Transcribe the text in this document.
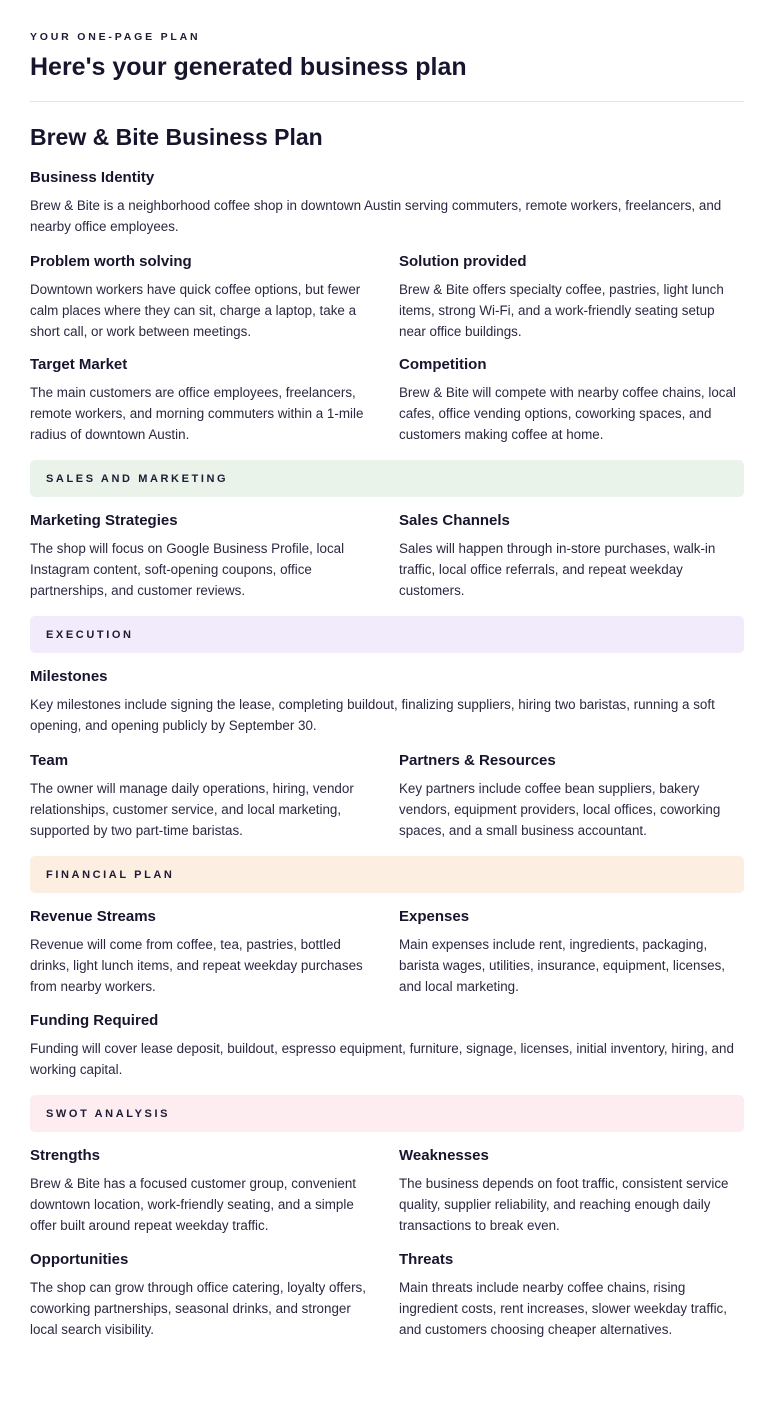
YOUR ONE-PAGE PLAN
Here's your generated business plan
Brew & Bite Business Plan
Business Identity

Brew & Bite is a neighborhood coffee shop in downtown Austin serving commuters, remote workers, freelancers, and nearby office employees.

Problem worth solving

Downtown workers have quick coffee options, but fewer calm places where they can sit, charge a laptop, take a short call, or work between meetings.

Solution provided

Brew & Bite offers specialty coffee, pastries, light lunch items, strong Wi-Fi, and a work-friendly seating setup near office buildings.

Target Market

The main customers are office employees, freelancers, remote workers, and morning commuters within a 1-mile radius of downtown Austin.

Competition

Brew & Bite will compete with nearby coffee chains, local cafes, office vending options, coworking spaces, and customers making coffee at home.

SALES AND MARKETING
Marketing Strategies

The shop will focus on Google Business Profile, local Instagram content, soft-opening coupons, office partnerships, and customer reviews.

Sales Channels

Sales will happen through in-store purchases, walk-in traffic, local office referrals, and repeat weekday customers.

EXECUTION
Milestones

Key milestones include signing the lease, completing buildout, finalizing suppliers, hiring two baristas, running a soft opening, and opening publicly by September 30.

Team

The owner will manage daily operations, hiring, vendor relationships, customer service, and local marketing, supported by two part-time baristas.

Partners & Resources

Key partners include coffee bean suppliers, bakery vendors, equipment providers, local offices, coworking spaces, and a small business accountant.

FINANCIAL PLAN
Revenue Streams

Revenue will come from coffee, tea, pastries, bottled drinks, light lunch items, and repeat weekday purchases from nearby workers.

Expenses

Main expenses include rent, ingredients, packaging, barista wages, utilities, insurance, equipment, licenses, and local marketing.

Funding Required

Funding will cover lease deposit, buildout, espresso equipment, furniture, signage, licenses, initial inventory, hiring, and working capital.

SWOT ANALYSIS
Strengths

Brew & Bite has a focused customer group, convenient downtown location, work-friendly seating, and a simple offer built around repeat weekday traffic.

Weaknesses

The business depends on foot traffic, consistent service quality, supplier reliability, and reaching enough daily transactions to break even.

Opportunities

The shop can grow through office catering, loyalty offers, coworking partnerships, seasonal drinks, and stronger local search visibility.

Threats

Main threats include nearby coffee chains, rising ingredient costs, rent increases, slower weekday traffic, and customers choosing cheaper alternatives.
